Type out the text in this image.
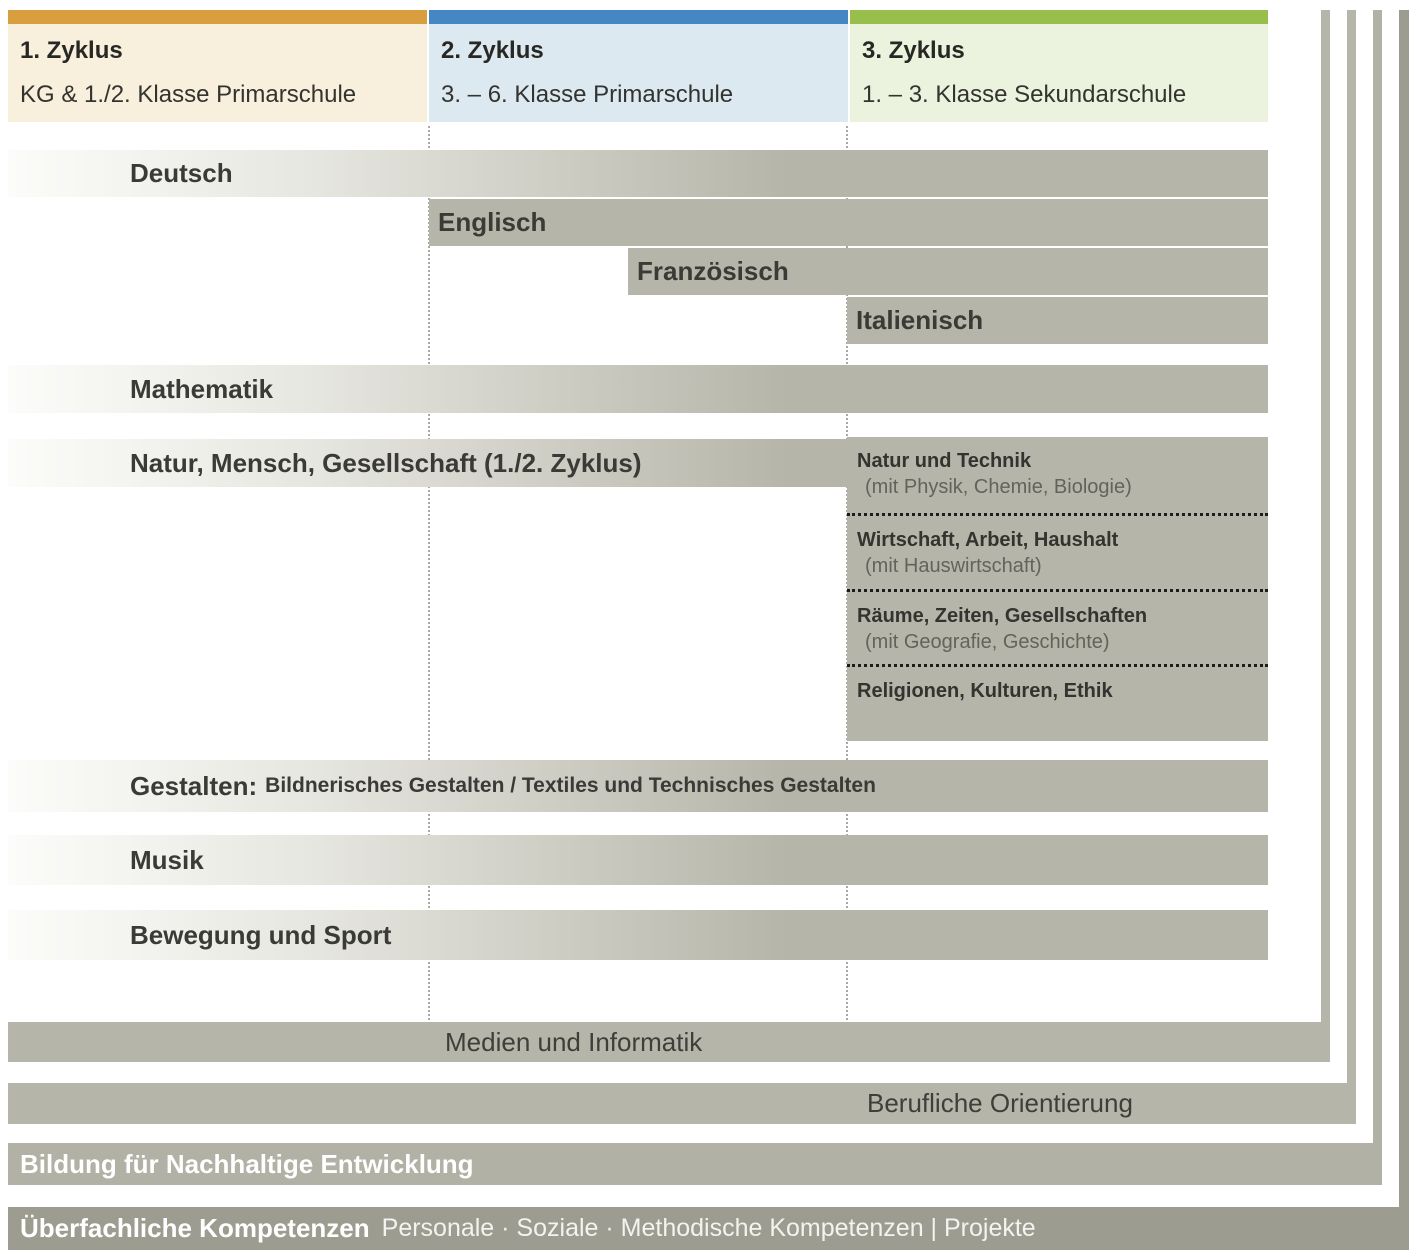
1. Zyklus
KG & 1./2. Klasse Primarschule
2. Zyklus
3. – 6. Klasse Primarschule
3. Zyklus
1. – 3. Klasse Sekundarschule
Deutsch
Englisch
Französisch
Italienisch
Mathematik
Natur, Mensch, Gesellschaft (1./2. Zyklus)	Natur und Technik
(mit Physik, Chemie, Biologie)
Wirtschaft, Arbeit, Haushalt
(mit Hauswirtschaft)
Räume, Zeiten, Gesellschaften
(mit Geografie, Geschichte)
Religionen, Kulturen, Ethik
Gestalten: Bildnerisches Gestalten / Textiles und Technisches Gestalten
Musik
Bewegung und Sport
Medien und Informatik
Berufliche Orientierung
Bildung für Nachhaltige Entwicklung
Überfachliche Kompetenzen Personale · Soziale · Methodische Kompetenzen | Projekte
